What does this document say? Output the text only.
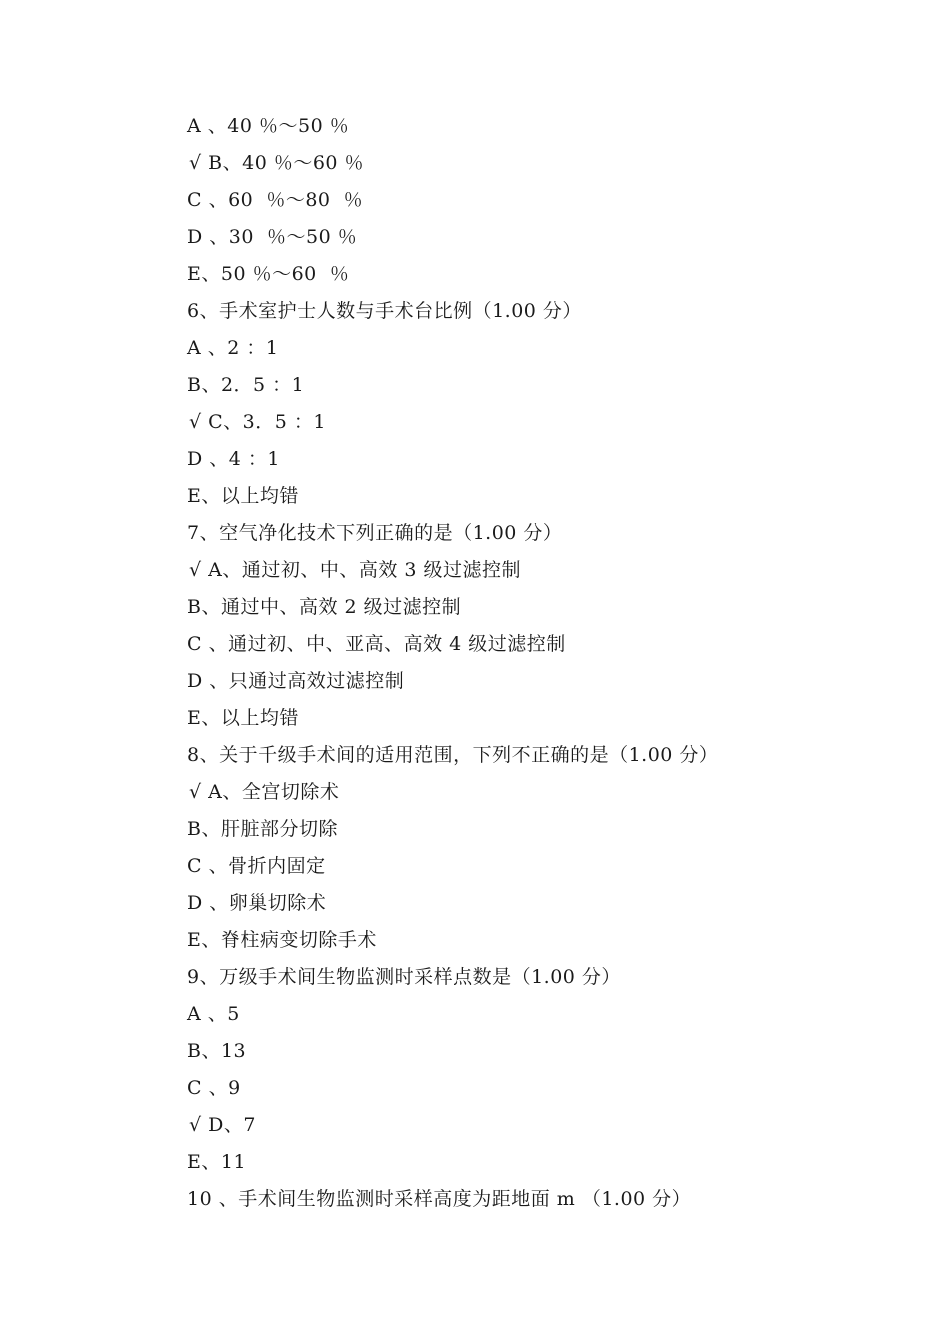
A 、40 ％～50 ％
√ B、40 ％～60 ％
C 、60  ％～80  ％
D 、30  ％～50 ％
E、50 ％～60  ％
6、手术室护士人数与手术台比例（1.00 分）
A 、2 ：1
B、2．5 ：1
√ C、3．5 ：1
D 、4 ：1
E、以上均错
7、空气净化技术下列正确的是（1.00 分）
√ A、通过初、中、高效 3 级过滤控制
B、通过中、高效 2 级过滤控制
C 、通过初、中、亚高、高效 4 级过滤控制
D 、只通过高效过滤控制
E、以上均错
8、关于千级手术间的适用范围，下列不正确的是（1.00 分）
√ A、全宫切除术
B、肝脏部分切除
C 、骨折内固定
D 、卵巢切除术
E、脊柱病变切除手术
9、万级手术间生物监测时采样点数是（1.00 分）
A 、5
B、13
C 、9
√ D、7
E、11
10 、手术间生物监测时采样高度为距地面 m （1.00 分）
